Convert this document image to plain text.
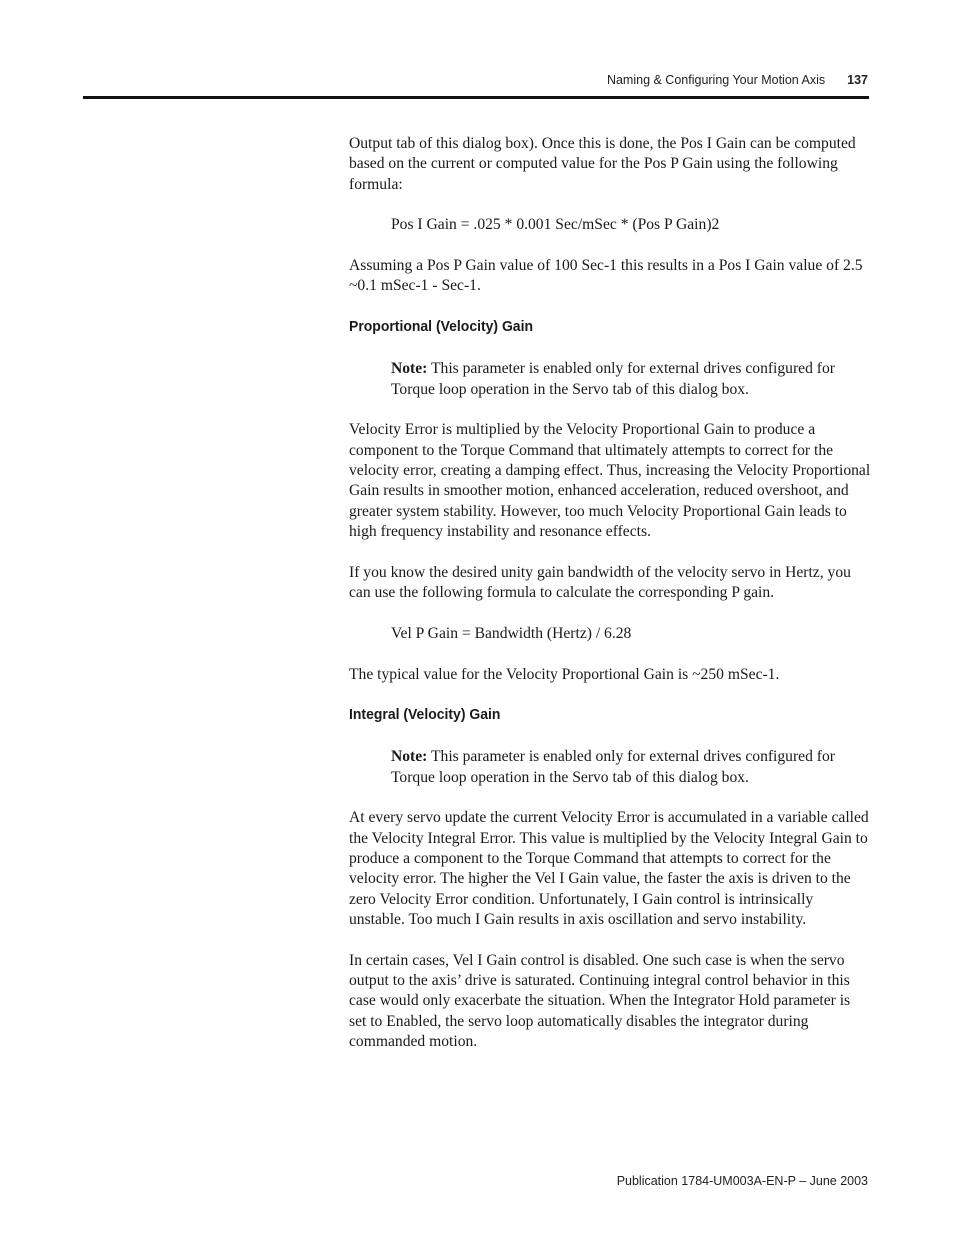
Naming & Configuring Your Motion Axis 137

Output tab of this dialog box). Once this is done, the Pos I Gain can be computed based on the current or computed value for the Pos P Gain using the following formula:

Pos I Gain = .025 * 0.001 Sec/mSec * (Pos P Gain)2

Assuming a Pos P Gain value of 100 Sec-1 this results in a Pos I Gain value of 2.5 ~0.1 mSec-1 - Sec-1.

Proportional (Velocity) Gain

Note: This parameter is enabled only for external drives configured for Torque loop operation in the Servo tab of this dialog box.

Velocity Error is multiplied by the Velocity Proportional Gain to produce a component to the Torque Command that ultimately attempts to correct for the velocity error, creating a damping effect. Thus, increasing the Velocity Proportional Gain results in smoother motion, enhanced acceleration, reduced overshoot, and greater system stability. However, too much Velocity Proportional Gain leads to high frequency instability and resonance effects.

If you know the desired unity gain bandwidth of the velocity servo in Hertz, you can use the following formula to calculate the corresponding P gain.

Vel P Gain = Bandwidth (Hertz) / 6.28

The typical value for the Velocity Proportional Gain is ~250 mSec-1.

Integral (Velocity) Gain

Note: This parameter is enabled only for external drives configured for Torque loop operation in the Servo tab of this dialog box.

At every servo update the current Velocity Error is accumulated in a variable called the Velocity Integral Error. This value is multiplied by the Velocity Integral Gain to produce a component to the Torque Command that attempts to correct for the velocity error. The higher the Vel I Gain value, the faster the axis is driven to the zero Velocity Error condition. Unfortunately, I Gain control is intrinsically unstable. Too much I Gain results in axis oscillation and servo instability.

In certain cases, Vel I Gain control is disabled. One such case is when the servo output to the axis’ drive is saturated. Continuing integral control behavior in this case would only exacerbate the situation. When the Integrator Hold parameter is set to Enabled, the servo loop automatically disables the integrator during commanded motion.

Publication 1784-UM003A-EN-P – June 2003
